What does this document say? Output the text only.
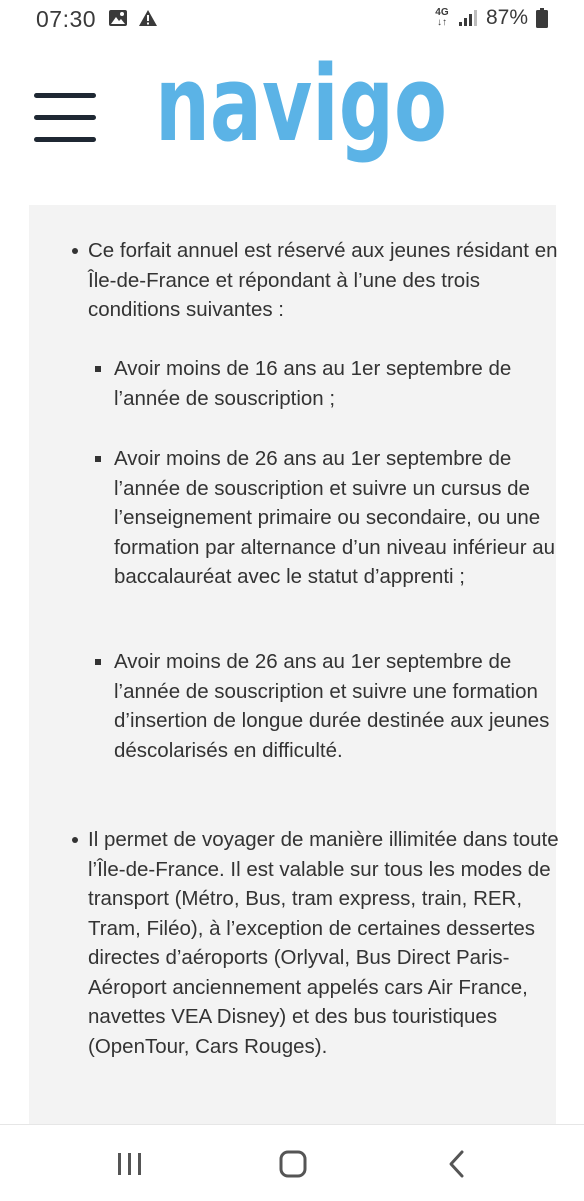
07:30	4G
↓↑ 87%
navigo
Ce forfait annuel est réservé aux jeunes résidant en Île-de-France et répondant à l’une des trois conditions suivantes :
Avoir moins de 16 ans au 1er septembre de l’année de souscription ;
Avoir moins de 26 ans au 1er septembre de l’année de souscription et suivre un cursus de l’enseignement primaire ou secondaire, ou une formation par alternance d’un niveau inférieur au baccalauréat avec le statut d’apprenti ;
Avoir moins de 26 ans au 1er septembre de l’année de souscription et suivre une formation d’insertion de longue durée destinée aux jeunes déscolarisés en difficulté.
Il permet de voyager de manière illimitée dans toute l’Île-de-France. Il est valable sur tous les modes de transport (Métro, Bus, tram express, train, RER, Tram, Filéo), à l’exception de certaines dessertes directes d’aéroports (Orlyval, Bus Direct Paris-Aéroport anciennement appelés cars Air France, navettes VEA Disney) et des bus touristiques (OpenTour, Cars Rouges).
